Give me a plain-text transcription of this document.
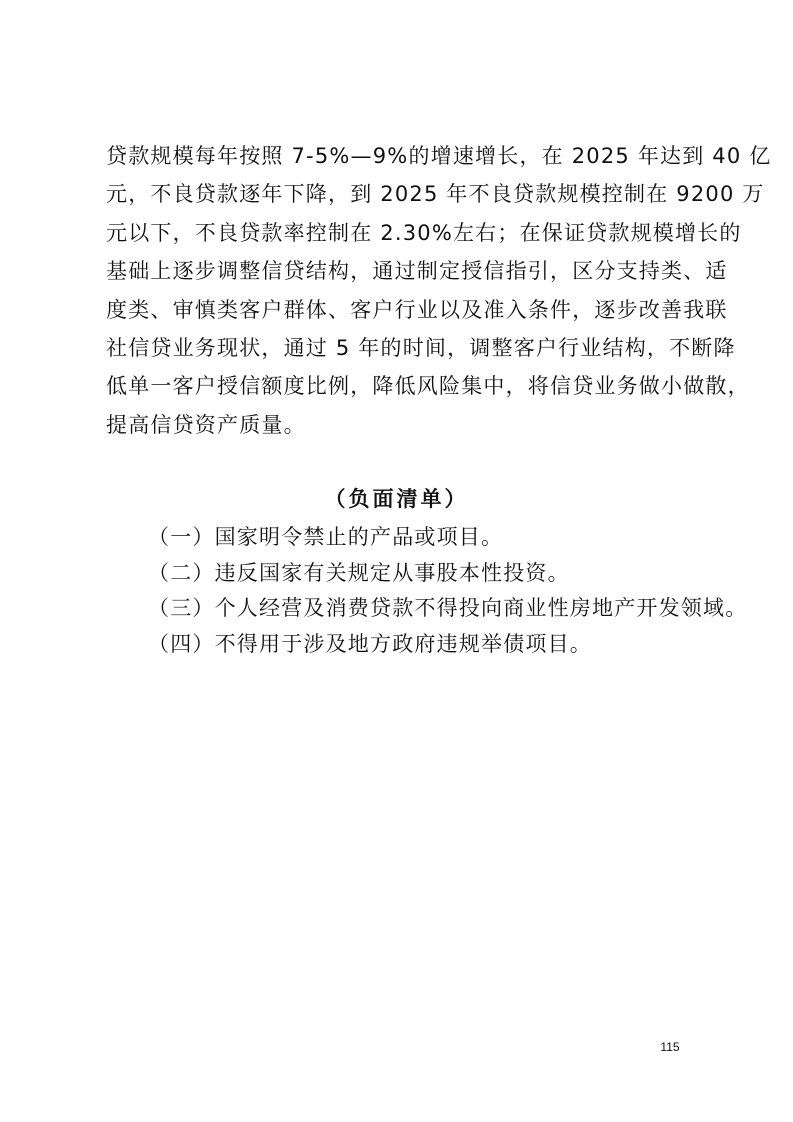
贷款规模每年按照 7-5%—9%的增速增长，在 2025 年达到 40 亿
元，不良贷款逐年下降，到 2025 年不良贷款规模控制在 9200 万
元以下，不良贷款率控制在 2.30%左右；在保证贷款规模增长的
基础上逐步调整信贷结构，通过制定授信指引，区分支持类、适
度类、审慎类客户群体、客户行业以及准入条件，逐步改善我联
社信贷业务现状，通过 5 年的时间，调整客户行业结构，不断降
低单一客户授信额度比例，降低风险集中，将信贷业务做小做散，
提高信贷资产质量。
（负面清单）
（一）国家明令禁止的产品或项目。
（二）违反国家有关规定从事股本性投资。
（三）个人经营及消费贷款不得投向商业性房地产开发领域。
（四）不得用于涉及地方政府违规举债项目。
115
